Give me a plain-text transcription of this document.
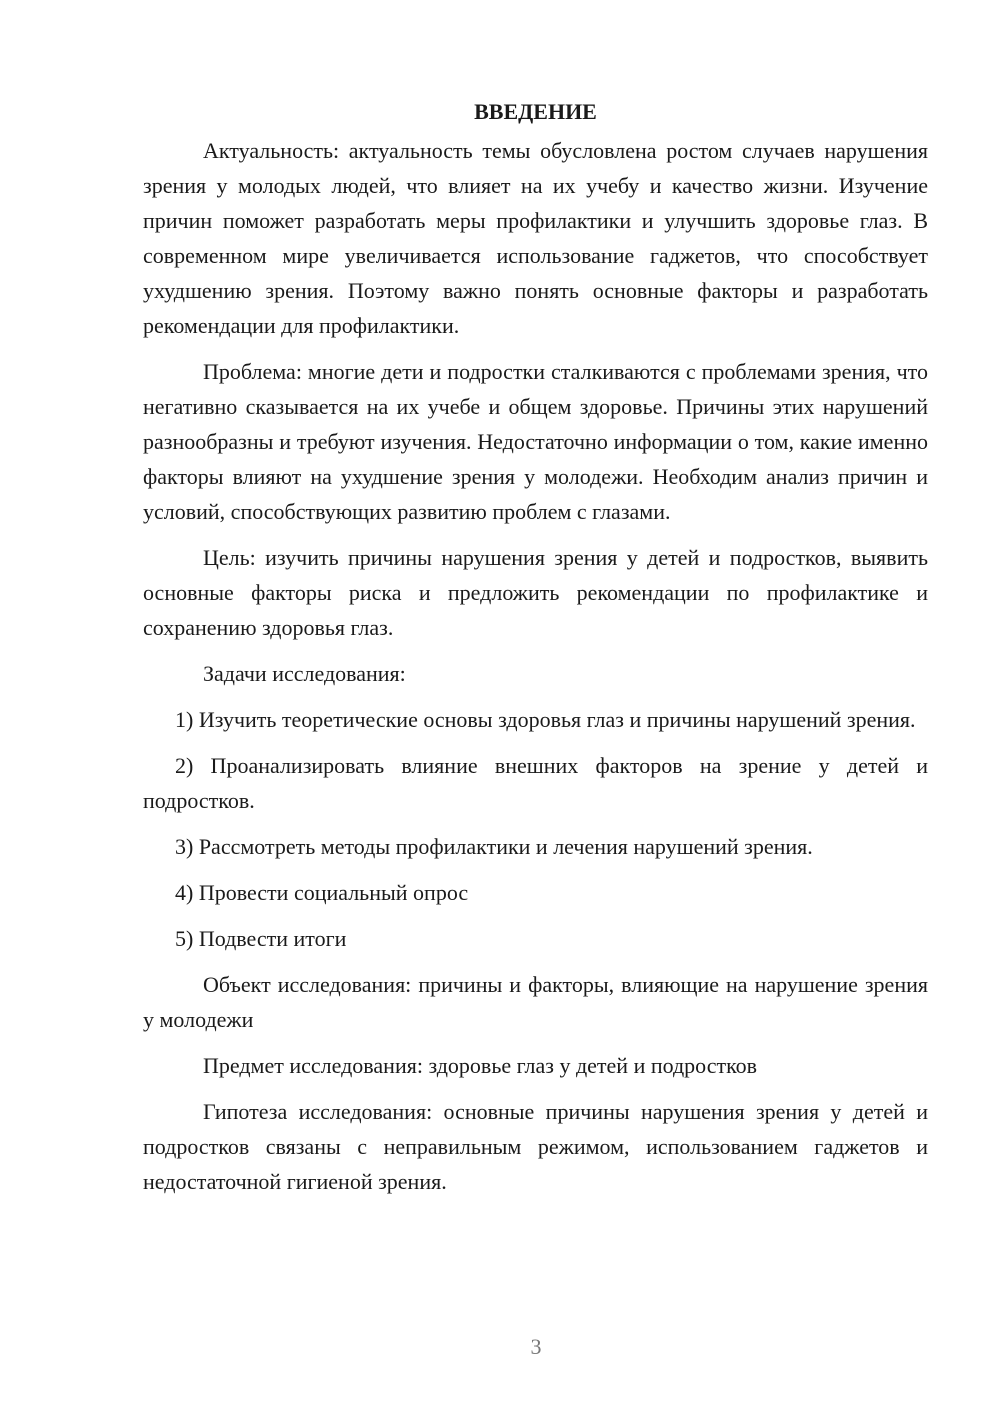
ВВЕДЕНИЕ

Актуальность: актуальность темы обусловлена ростом случаев нарушения зрения у молодых людей, что влияет на их учебу и качество жизни. Изучение причин поможет разработать меры профилактики и улучшить здоровье глаз. В современном мире увеличивается использование гаджетов, что способствует ухудшению зрения. Поэтому важно понять основные факторы и разработать рекомендации для профилактики.

Проблема: многие дети и подростки сталкиваются с проблемами зрения, что негативно сказывается на их учебе и общем здоровье. Причины этих нарушений разнообразны и требуют изучения. Недостаточно информации о том, какие именно факторы влияют на ухудшение зрения у молодежи. Необходим анализ причин и условий, способствующих развитию проблем с глазами.

Цель: изучить причины нарушения зрения у детей и подростков, выявить основные факторы риска и предложить рекомендации по профилактике и сохранению здоровья глаз.

Задачи исследования:

1) Изучить теоретические основы здоровья глаз и причины нарушений зрения.

2) Проанализировать влияние внешних факторов на зрение у детей и подростков.

3) Рассмотреть методы профилактики и лечения нарушений зрения.

4) Провести социальный опрос

5) Подвести итоги

Объект исследования: причины и факторы, влияющие на нарушение зрения у молодежи

Предмет исследования: здоровье глаз у детей и подростков

Гипотеза исследования: основные причины нарушения зрения у детей и подростков связаны с неправильным режимом, использованием гаджетов и недостаточной гигиеной зрения.

3
